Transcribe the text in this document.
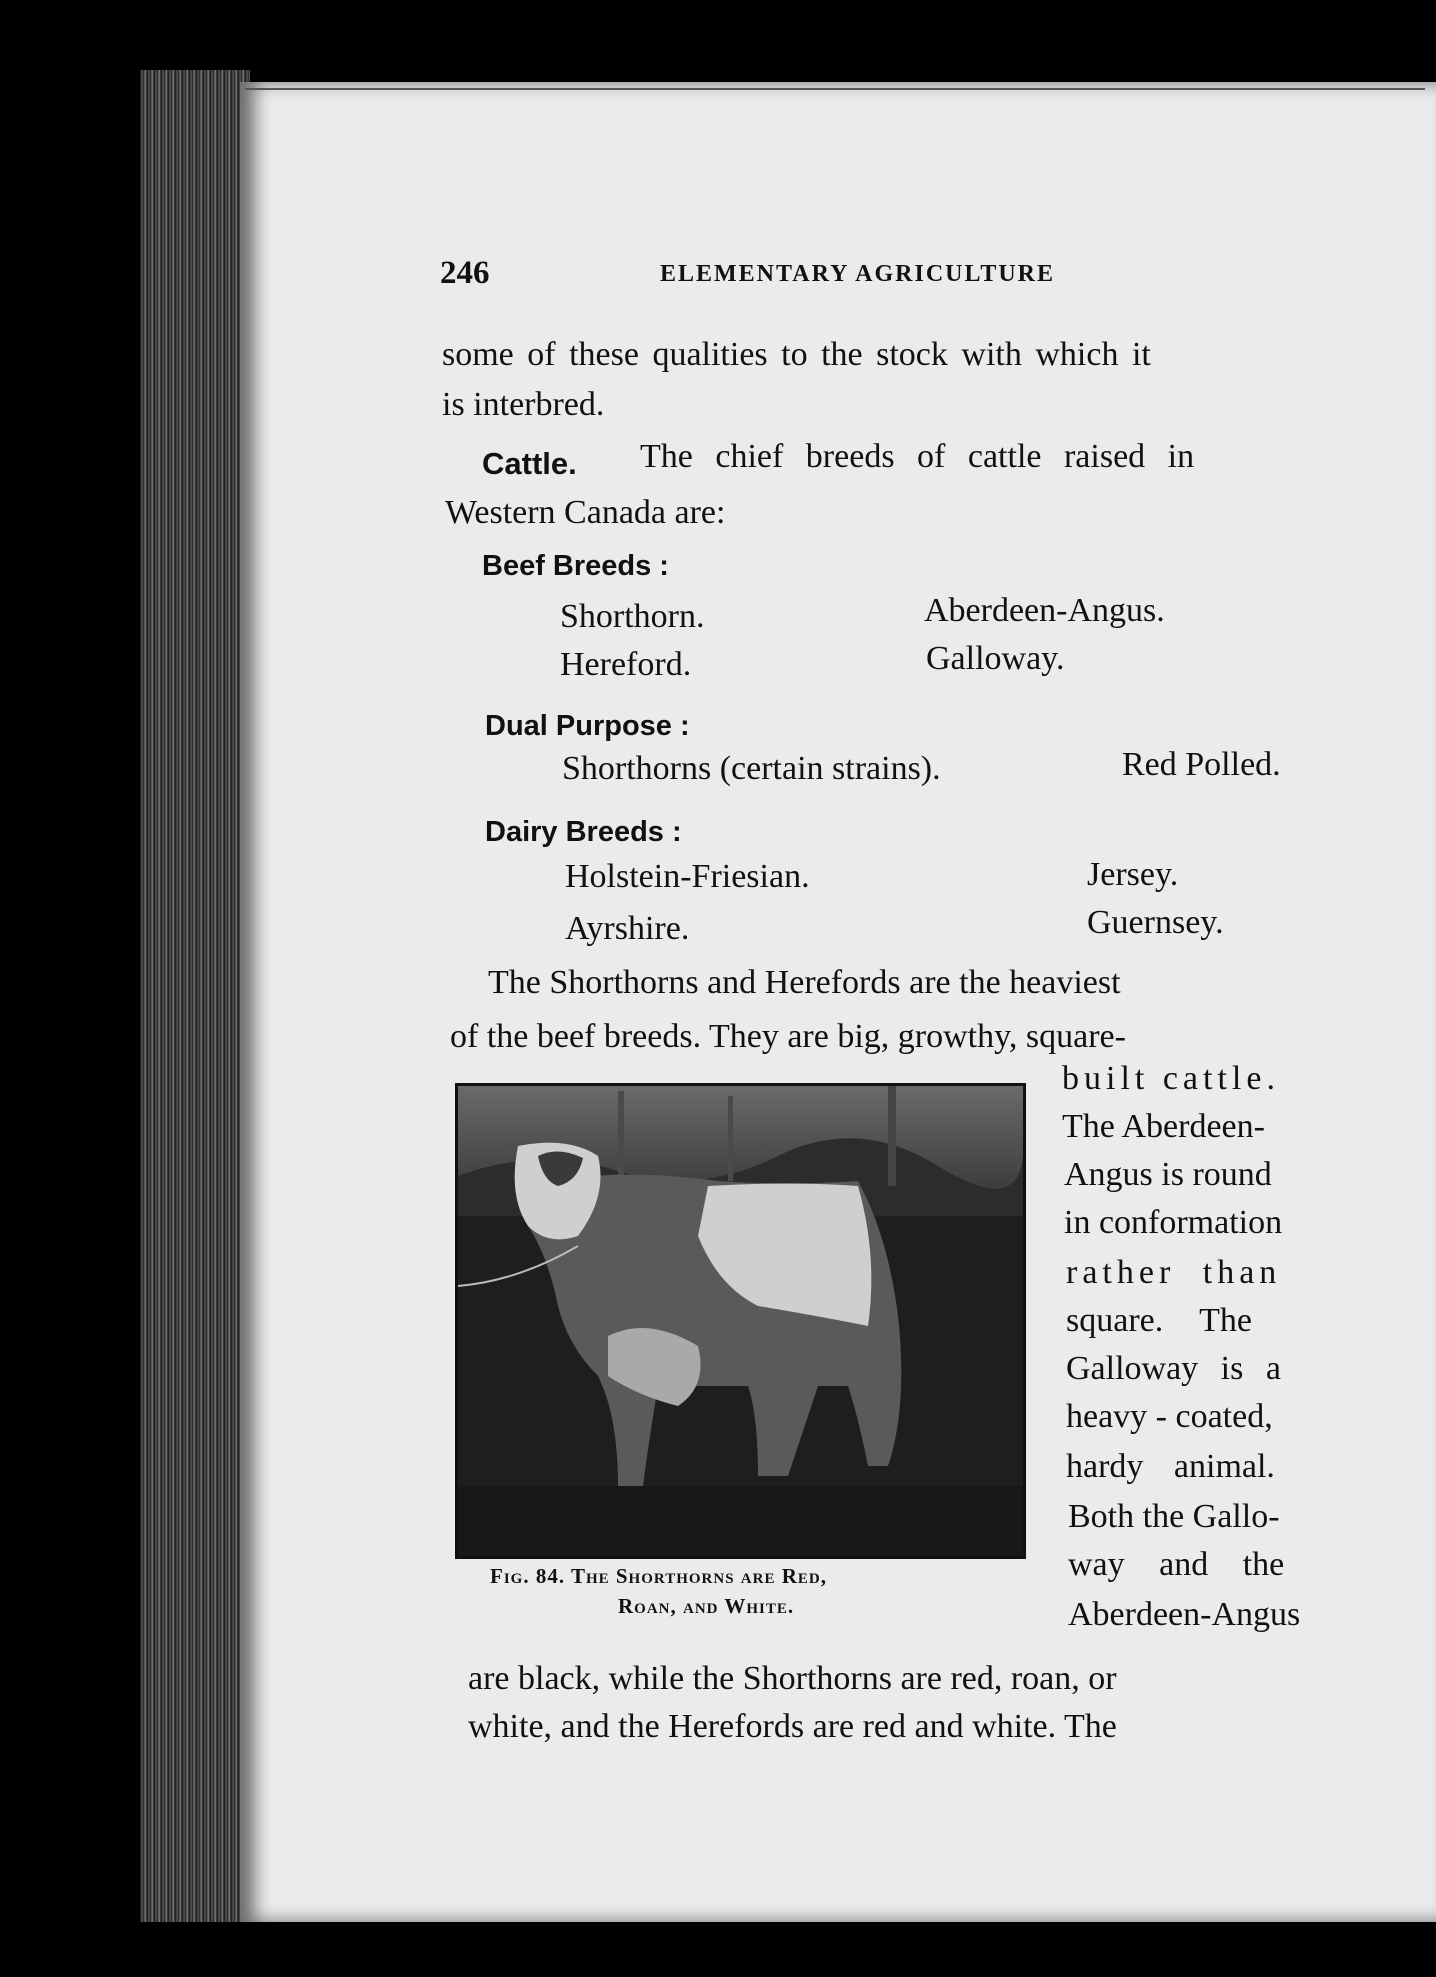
246	ELEMENTARY AGRICULTURE
some of these qualities to the stock with which it
is interbred.
Cattle. The chief breeds of cattle raised in
Western Canada are:
Beef Breeds :
Shorthorn.	Aberdeen-Angus.
Hereford.	Galloway.
Dual Purpose :
Shorthorns (certain strains).	Red Polled.
Dairy Breeds :
Holstein-Friesian.	Jersey.
Ayrshire.	Guernsey.
The Shorthorns and Herefords are the heaviest
of the beef breeds. They are big, growthy, square-
built cattle.
The Aberdeen-
Angus is round
in conformation
rather than
square. The
Galloway is a
heavy - coated,
hardy animal.
Both the Gallo-
way and the
Aberdeen-Angus
Fig. 84. The Shorthorns are Red,
Roan, and White.
are black, while the Shorthorns are red, roan, or
white, and the Herefords are red and white. The
